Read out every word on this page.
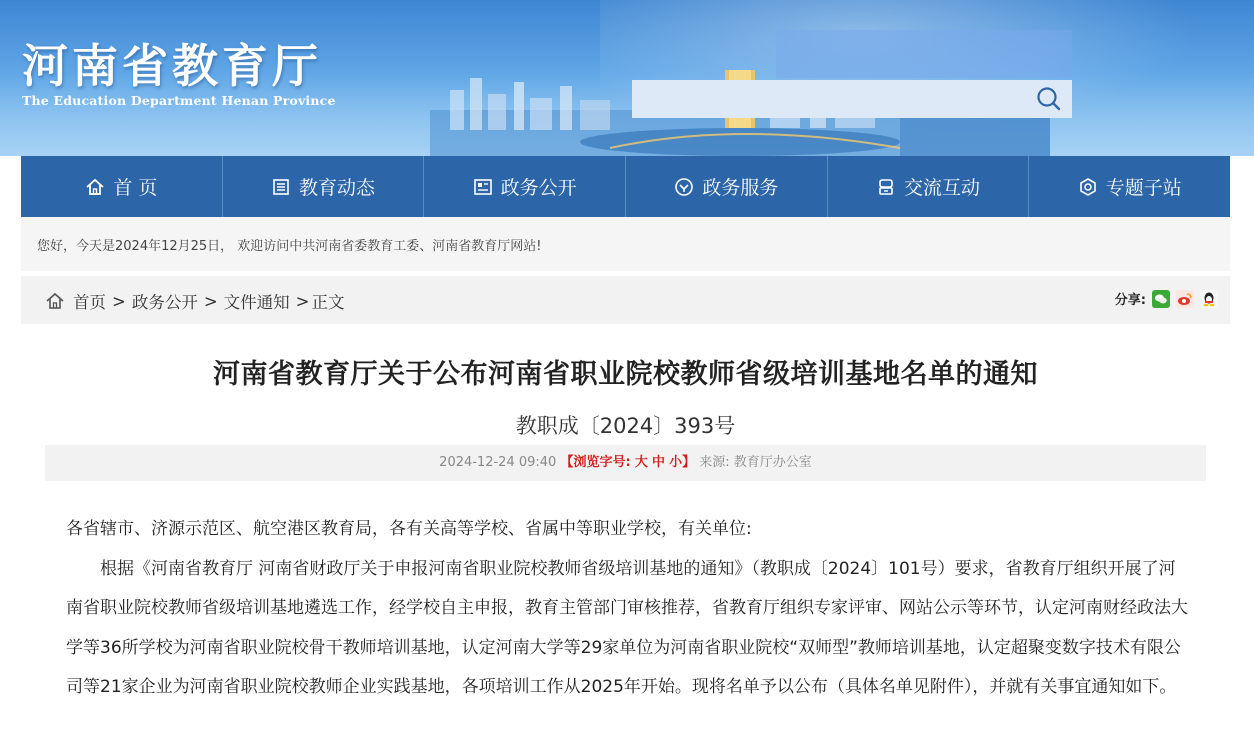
河南省教育厅
The Education Department Henan Province
首 页	教育动态	政务公开	政务服务	交流互动	专题子站
您好，今天是2024年12月25日， 欢迎访问中共河南省委教育工委、河南省教育厅网站!
首页 > 政务公开 > 文件通知 > 正文	分享:
河南省教育厅关于公布河南省职业院校教师省级培训基地名单的通知
教职成〔2024〕393号
2024-12-24 09:40 【浏览字号: 大 中 小】 来源: 教育厅办公室

各省辖市、济源示范区、航空港区教育局，各有关高等学校、省属中等职业学校，有关单位:

根据《河南省教育厅 河南省财政厅关于申报河南省职业院校教师省级培训基地的通知》（教职成〔2024〕101号）要求，省教育厅组织开展了河南省职业院校教师省级培训基地遴选工作，经学校自主申报，教育主管部门审核推荐，省教育厅组织专家评审、网站公示等环节，认定河南财经政法大学等36所学校为河南省职业院校骨干教师培训基地，认定河南大学等29家单位为河南省职业院校“双师型”教师培训基地，认定超聚变数字技术有限公司等21家企业为河南省职业院校教师企业实践基地，各项培训工作从2025年开始。现将名单予以公布（具体名单见附件），并就有关事宜通知如下。
